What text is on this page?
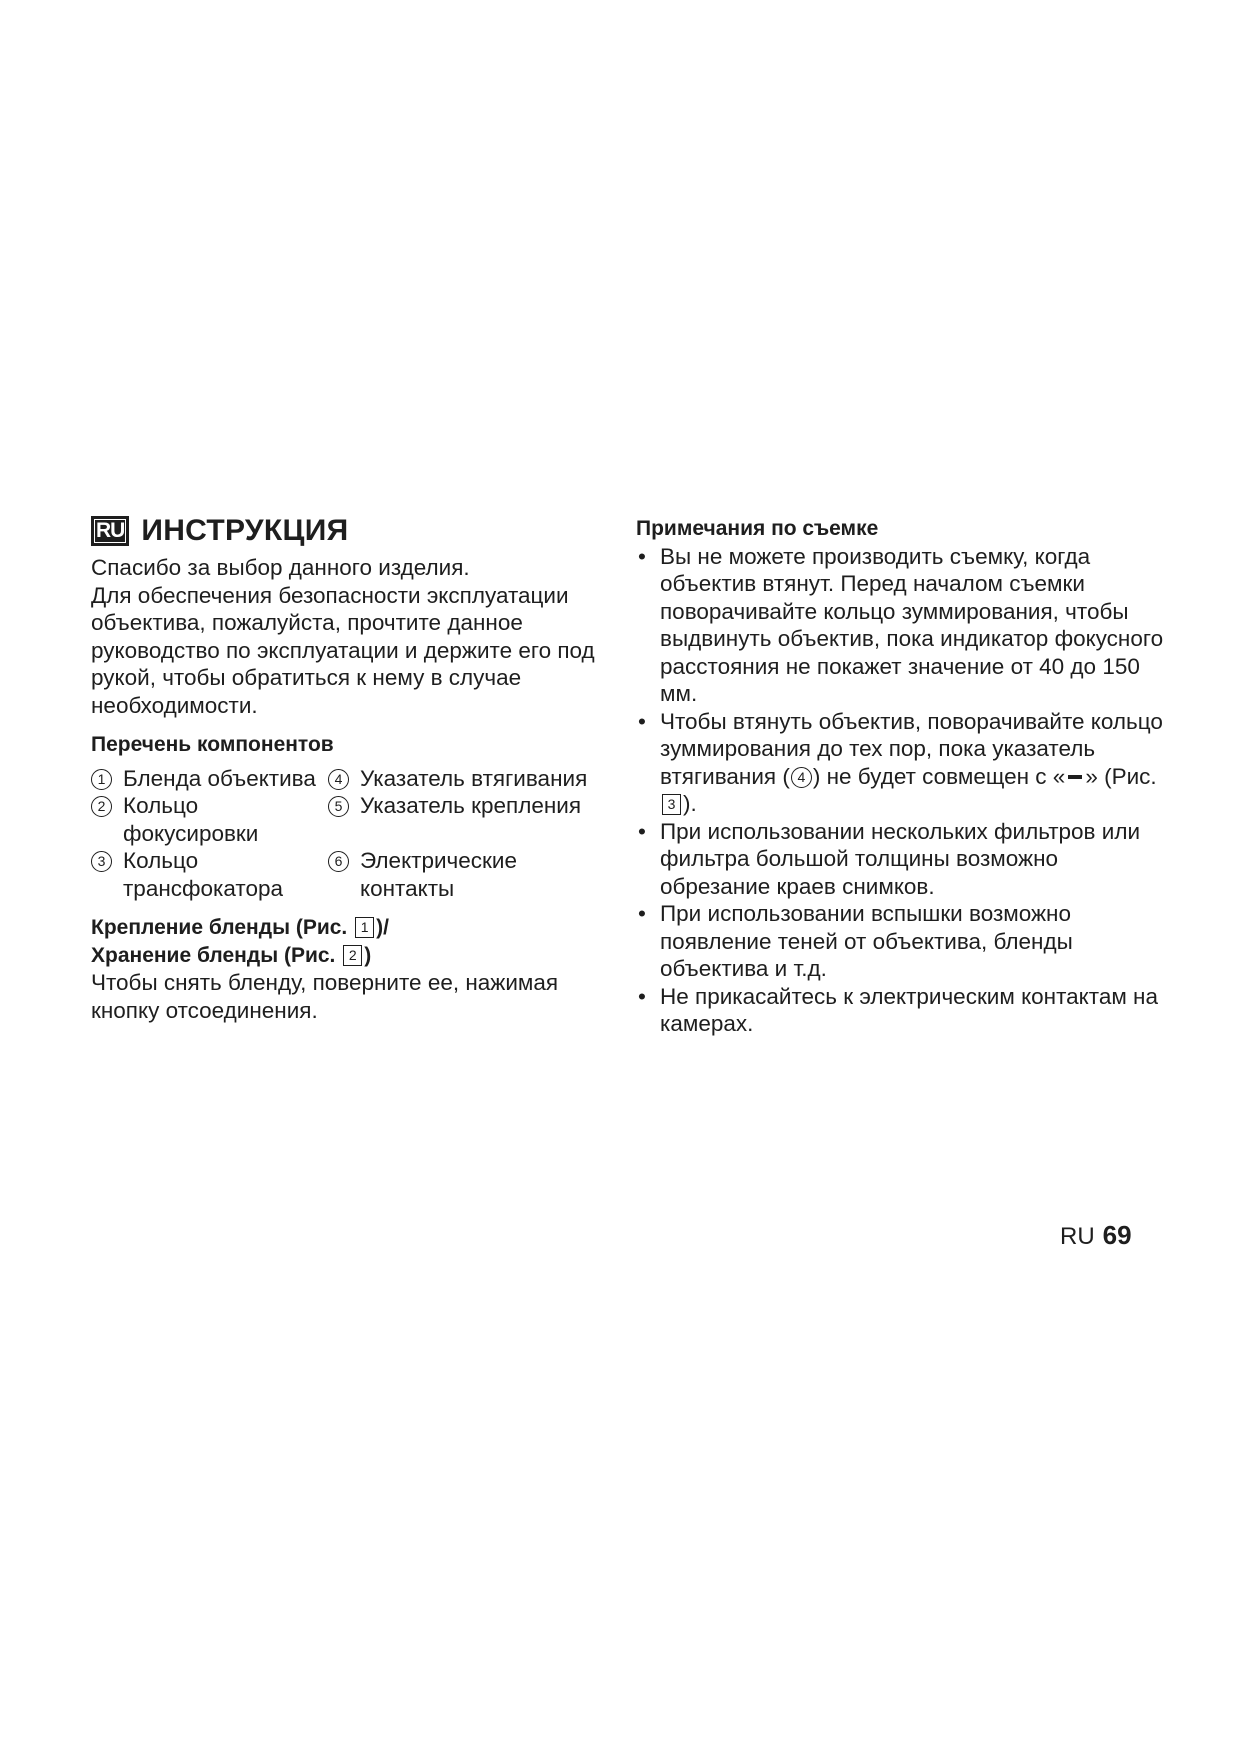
RU ИНСТРУКЦИЯ

Спасибо за выбор данного изделия.

Для обеспечения безопасности эксплуатации объектива, пожалуйста, прочтите данное руководство по эксплуатации и держите его под рукой, чтобы обратиться к нему в случае необходимости.

Перечень компонентов
1 Бленда объектива	4 Указатель втягивания
2 Кольцо фокусировки
5 Указатель крепления
3 Кольцо трансфокатора
6 Электрические контакты
Крепление бленды (Рис. 1 )/
Хранение бленды (Рис. 2 )

Чтобы снять бленду, поверните ее, нажимая кнопку отсоединения.

Примечания по съемке
• Вы не можете производить съемку, когда объектив втянут. Перед началом съемки поворачивайте кольцо зуммирования, чтобы выдвинуть объектив, пока индикатор фокусного расстояния не покажет значение от 40 до 150 мм.
• Чтобы втянуть объектив, поворачивайте кольцо зуммирования до тех пор, пока указатель втягивания ( 4 ) не будет совмещен с « » (Рис. 3 ).
• При использовании нескольких фильтров или фильтра большой толщины возможно обрезание краев снимков.
• При использовании вспышки возможно появление теней от объектива, бленды объектива и т.д.
• Не прикасайтесь к электрическим контактам на камерах.
RU 69
